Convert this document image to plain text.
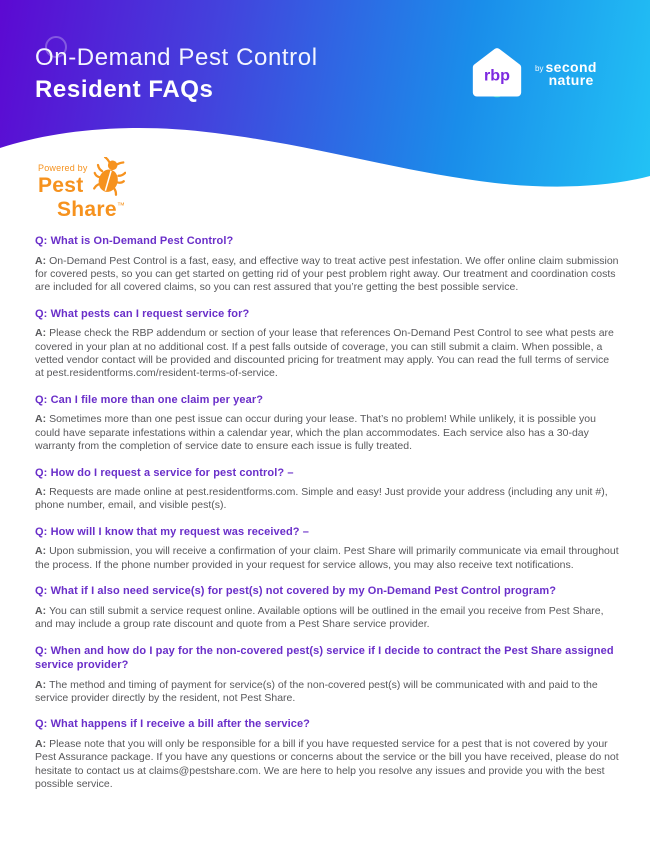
On-Demand Pest Control
Resident FAQs
rbp	by second
nature
Powered by
Pest
Share™
Q: What is On-Demand Pest Control?

A: On-Demand Pest Control is a fast, easy, and effective way to treat active pest infestation. We offer online claim submission for covered pests, so you can get started on getting rid of your pest problem right away. Our treatment and coordination costs are included for all covered claims, so you can rest assured that you’re getting the best possible service.

Q: What pests can I request service for?

A: Please check the RBP addendum or section of your lease that references On-Demand Pest Control to see what pests are covered in your plan at no additional cost. If a pest falls outside of coverage, you can still submit a claim. When possible, a vetted vendor contact will be provided and discounted pricing for treatment may apply. You can read the full terms of service at pest.residentforms.com/resident-terms-of-service.

Q: Can I file more than one claim per year?

A: Sometimes more than one pest issue can occur during your lease. That’s no problem! While unlikely, it is possible you could have separate infestations within a calendar year, which the plan accommodates. Each service also has a 30-day warranty from the completion of service date to ensure each issue is fully treated.

Q: How do I request a service for pest control? –

A: Requests are made online at pest.residentforms.com. Simple and easy! Just provide your address (including any unit #), phone number, email, and visible pest(s).

Q: How will I know that my request was received? –

A: Upon submission, you will receive a confirmation of your claim. Pest Share will primarily communicate via email throughout the process. If the phone number provided in your request for service allows, you may also receive text notifications.

Q: What if I also need service(s) for pest(s) not covered by my On-Demand Pest Control program?

A: You can still submit a service request online. Available options will be outlined in the email you receive from Pest Share, and may include a group rate discount and quote from a Pest Share service provider.

Q: When and how do I pay for the non-covered pest(s) service if I decide to contract the Pest Share assigned service provider?

A: The method and timing of payment for service(s) of the non-covered pest(s) will be communicated with and paid to the service provider directly by the resident, not Pest Share.

Q: What happens if I receive a bill after the service?

A: Please note that you will only be responsible for a bill if you have requested service for a pest that is not covered by your Pest Assurance package. If you have any questions or concerns about the service or the bill you have received, please do not hesitate to contact us at claims@pestshare.com. We are here to help you resolve any issues and provide you with the best possible service.
